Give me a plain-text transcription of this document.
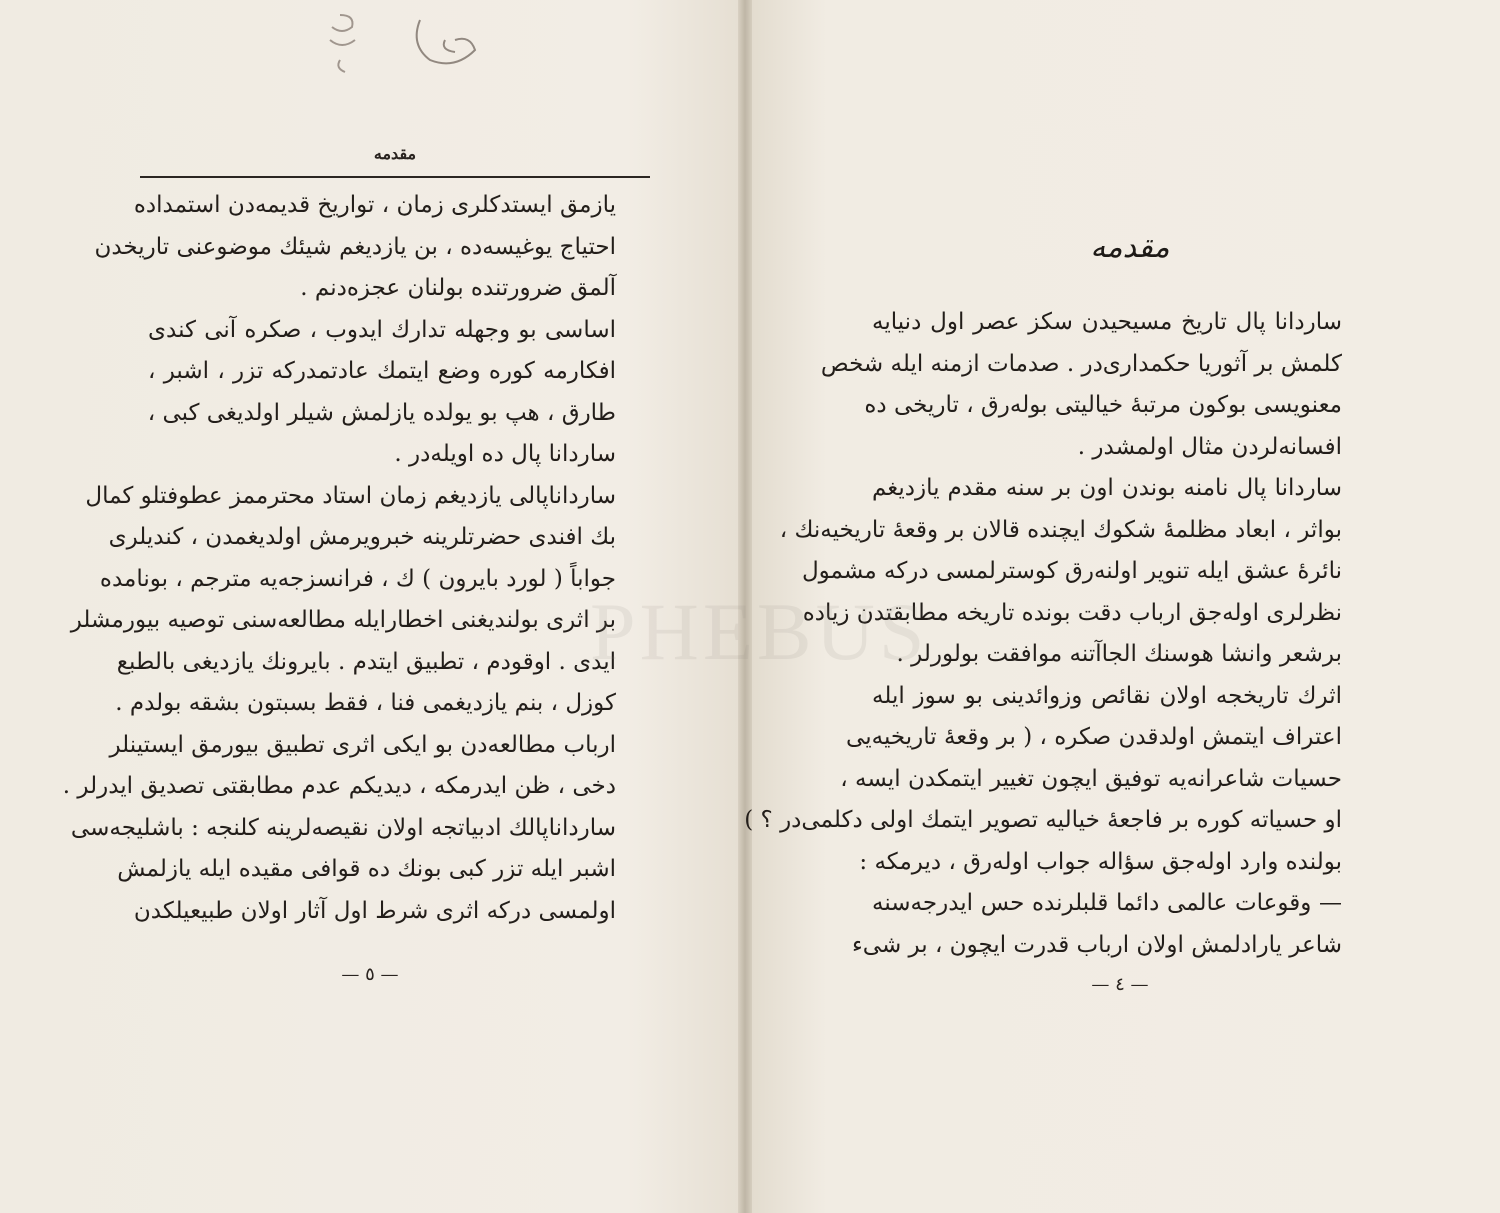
مقدمه
یازمق ایستدکلری زمان ، تواریخ قدیمه‌دن استمداده
احتیاج یوغیسه‌ده ، بن یازدیغم شیئك موضوعنی تاریخدن
آلمق ضرورتنده بولنان عجزه‌دنم .
اساسی بو وجهله تدارك ایدوب ، صکره آنی کندی
افکارمه کوره وضع ایتمك عادتمدرکه تزر ، اشبر ،
طارق ، هپ بو یولده یازلمش شیلر اولدیغی کبی ،
ساردانا پال ده اویله‌در .
سارداناپالی یازدیغم زمان استاد محترممز عطوفتلو کمال
بك افندی حضرتلرینه خبرویرمش اولدیغمدن ، کندیلری
جواباً ( لورد بایرون ) ك ، فرانسزجه‌یه مترجم ، بونامده
بر اثری بولندیغنی اخطارایله مطالعه‌سنی توصیه بیورمشلر
ایدی . اوقودم ، تطبیق ایتدم . بایرونك یازدیغی بالطبع
کوزل ، بنم یازدیغمی فنا ، فقط بسبتون بشقه بولدم .
ارباب مطالعه‌دن بو ایکی اثری تطبیق بیورمق ایستینلر
دخی ، ظن ایدرمکه ، دیدیکم عدم مطابقتی تصدیق ایدرلر .
سارداناپالك ادبیاتجه اولان نقیصه‌لرینه کلنجه : باشلیجه‌سی
اشبر ایله تزر کبی بونك ده قوافی مقیده ایله یازلمش
اولمسی درکه اثری شرط اول آثار اولان طبیعیلکدن
— ٥ —
مقدمه
ساردانا پال تاریخ مسیحیدن سکز عصر اول دنیایه
کلمش بر آثوریا حکمداری‌در . صدمات ازمنه ایله شخص
معنویسی بوکون مرتبهٔ خیالیتی بولەرق ، تاریخی ده
افسانه‌لردن مثال اولمشدر .
ساردانا پال نامنه بوندن اون بر سنه مقدم یازدیغم
بواثر ، ابعاد مظلمهٔ شکوك ایچنده قالان بر وقعهٔ تاریخیه‌نك ،
نائرهٔ عشق ایله تنویر اولنەرق کوسترلمسی درکه مشمول
نظرلری اوله‌جق ارباب دقت بونده تاریخه مطابقتدن زیاده
برشعر وانشا هوسنك الجاآتنه موافقت بولورلر .
اثرك تاریخجه اولان نقائص وزوائدینی بو سوز ایله
اعتراف ایتمش اولدقدن صکره ، ( بر وقعهٔ تاریخیه‌یی
حسیات شاعرانه‌یه توفیق ایچون تغییر ایتمکدن ایسه ،
او حسیاته کوره بر فاجعهٔ خیالیه تصویر ایتمك اولی دکلمی‌در ؟ )
بولنده وارد اوله‌جق سؤاله جواب اولەرق ، دیرمکه :
— وقوعات عالمی دائما قلبلرنده حس ایدرجه‌سنه
شاعر یارادلمش اولان ارباب قدرت ایچون ، بر شیء
— ٤ —
PHEBUS
